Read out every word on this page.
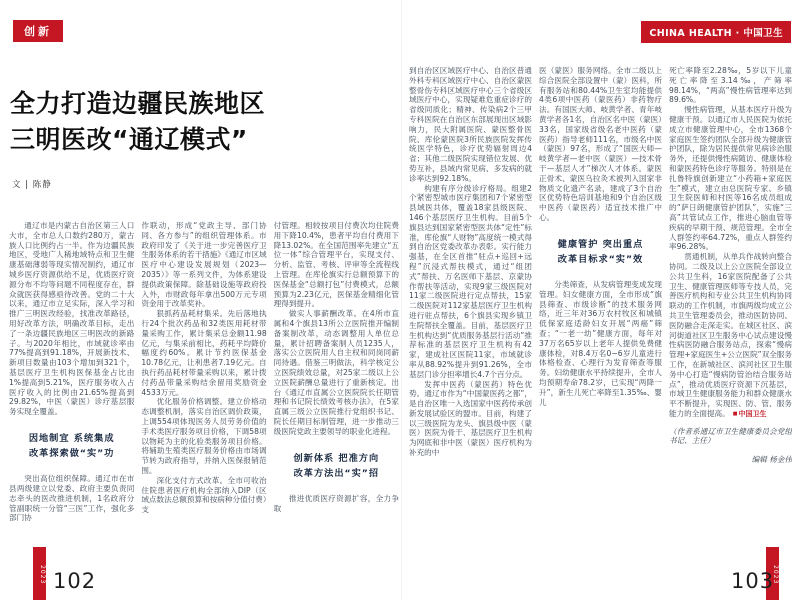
创新
全力打造边疆民族地区
三明医改“通辽模式”
文 | 陈静

通辽市是内蒙古自治区第三人口大市，全市总人口数约280万，蒙古族人口比例约占一半。作为边疆民族地区，受地广人稀地域特点和卫生健康基础薄弱等现实情况制约，通辽市城乡医疗资源供给不足，优质医疗资源分布不均等问题不同程度存在，群众就医获得感亟待改善。党的二十大以来，通辽市立足实际，深入学习和推广三明医改经验，找准改革路径，用好改革方法，明确改革目标，走出了一条边疆民族地区三明医改的新路子。与2020年相比，市域就诊率由77%提高到91.18%，开展新技术、新项目数量由103个增加到321个，基层医疗卫生机构医保基金占比由1%提高到5.21%，医疗服务收入占医疗收入的比例由21.65%提高到29.82%，中医（蒙医）诊疗基层服务实现全覆盖。

因地制宜 系统集成
改革探索做“实”功

突出高位组织保障。通辽市在市县两级建立以党委、政府主要负责同志牵头的医改推进机制，1名政府分管副职统一分管“三医”工作，强化多部门协

作联动，形成“党政主导、部门协同、各方参与”的组织管理体系。市政府印发了《关于进一步完善医疗卫生服务体系的若干措施》《通辽市区域医疗中心建设发展规划（2023—2035）》等一系列文件，为体系建设提供政策保障。除基础设施等政府投入外，市财政每年拿出500万元专项资金用于改革奖补。

狠抓药品耗材集采。先后落地执行24个批次药品和32类医用耗材带量采购工作，累计集采总金额11.98亿元，与集采前相比，药耗平均降价幅度约60%。累计节约医保基金10.78亿元，让利患者7.19亿元。自执行药品耗材带量采购以来，累计拨付药品带量采购结余留用奖励资金4533万元。

优化服务价格调整。建立价格动态调整机制，落实自治区调价政策，上调554项体现医务人员劳务价值的手术类医疗服务项目价格，下调58项以物耗为主的化验类服务项目价格。将辅助生殖类医疗服务价格由市场调节转为政府指导，并纳入医保报销范围。

深化支付方式改革。全市可收治住院患者医疗机构全部纳入DIP（区域点数法总额预算和按病种分值付费）支

付管理。相较按项目付费次均住院费用下降10.4%，患者平均自付费用下降13.02%。在全国范围率先建立“五位一体”综合管理平台，实现支付、分析、监管、考核、评审等全流程线上管理。在库伦旗实行总额预算下的医保基金“总额打包”付费模式，总额预算为2.23亿元，医保基金精细化管理得到提升。

做实人事薪酬改革。在4所市直属和4个旗县13所公立医院推开编制备案制改革，动态调整用人单位总量，累计招聘备案制人员1235人，落实公立医院用人自主权和同岗同薪同待遇。借鉴三明做法，科学核定公立医院绩效总量，对25家二级以上公立医院薪酬总量进行了重新核定。出台《通辽市直属公立医院院长任期管理和书记院长绩效考核办法》，在5家直属三级公立医院推行党组织书记、院长任期目标制管理，进一步推动三级医院党政主要领导的职业化进程。

创新体系 把准方向
改革方法出“实”招

推进优质医疗资源扩容，全力争取

2023 102
CHINA HEALTH · 中国卫生

到自治区区域医疗中心、自治区普通外科专科区域医疗中心、自治区蒙医整骨伤专科区域医疗中心三个省级区域医疗中心，实现疑难危重症诊疗的省级同质化；精神、传染病2个三甲专科医院在自治区东部展现出区域影响力，民大附属医院、蒙医整骨医院、库伦蒙医院3所民族医院发挥传统医学特色，诊疗优势辐射周边4省；其他二级医院实现错位发展、优势互补，县域内常见病、多发病的就诊率达到92.18%。

构建有序分级诊疗格局。组建2个紧密型城市医疗集团和7个紧密型县域医共体，覆盖18家县级医院、146个基层医疗卫生机构。目前5个旗县达到国家紧密型医共体“定性”标准，库伦旗“人财物”高度统一模式得到自治区党委改革办表彰。实行能力强基，在全区首推“驻点+巡回+远程”沉浸式帮扶模式，通过“组团式”帮扶、万名医师下基层、京蒙协作帮扶等活动，实现9家三级医院对11家二级医院进行定点帮扶，15家二级医院对112家基层医疗卫生机构进行驻点帮扶，6个旗县实现乡镇卫生院帮扶全覆盖。目前，基层医疗卫生机构达到“优质服务基层行活动”推荐标准的基层医疗卫生机构有42家，建成社区医院11家，市域就诊率从88.92%提升到91.26%，全市基层门诊分担率增长4.7个百分点。

发挥中医药（蒙医药）特色优势。通辽市作为“中国蒙医药之都”，是自治区唯一入选国家中医药传承创新发展试验区的盟市。目前，构建了以三级医院为龙头、旗县级中医（蒙医）医院为骨干、基层医疗卫生机构为网底和非中医（蒙医）医疗机构为补充的中

医（蒙医）服务网络。全市二级以上综合医院全部设置中（蒙）医科，所有服务站和80.44%卫生室均能提供4类6项中医药（蒙医药）非药物疗法。有国医大师、岐黄学者、青年岐黄学者各1名，自治区名中医（蒙医）33名，国家级省级名老中医药（蒙医药）指导老师111名，市级名中医（蒙医）97名，形成了“国医大师—岐黄学者—老中医（蒙医）—技术骨干—基层人才”梯次人才体系。蒙医正骨术、蒙医乌拉灸术被列入国家非物质文化遗产名录，建成了3个自治区优势特色培训基地和9个自治区级中医药（蒙医药）适宜技术推广中心。

健康管护 突出重点
改革目标求“实”效

分类筛查，从发病管理变成发现管理。妇女健康方面，全市形成“旗县筛查、市级诊断”的技术服务网络，近三年对36万农村牧区和城镇低保家庭适龄妇女开展“两癌”筛查；“一老一幼”健康方面，每年对37万名65岁以上老年人提供免费健康体检，对8.4万名0~6岁儿童进行体格检查、心理行为发育筛查等服务。妇幼健康水平持续提升，全市人均预期寿命78.2岁，已实现“两降一升”，新生儿死亡率降至1.35‰、婴儿

死亡率降至2.28‰，5岁以下儿童死亡率降至3.14‰，产筛率98.14%，“两高”慢性病管理率达到89.6%。

慢性病管理，从基本医疗升级为健康干预。以通辽市人民医院为依托成立市健康管理中心，全市1368个家庭医生签约团队全部升级为健康管护团队，除为居民提供常见病诊治服务外，还提供慢性病随访、健康体检和蒙医药特色诊疗等服务。特别是在扎鲁特旗创新建立“小药箱+家庭医生”模式，建立由总医院专家、乡镇卫生院医师和村医等16名成员组成的“萨日朗健康管护团队”，实施“三高”共管试点工作，推进心脑血管等疾病的早期干预、规范管理。全市全人群签约率64.72%，重点人群签约率96.28%。

贯通机制，从单兵作战转向整合协同。二级及以上公立医院全部设立公共卫生科，16家医院配备了公共卫生、健康管理医师等专技人员，完善医疗机构和专业公共卫生机构协同联动的工作机制，市旗两级均成立公共卫生管理委员会，推动医防协同、医防融合走深走实。在城区社区、滨河街道社区卫生服务中心试点建设慢性病医防融合服务站点，探索“慢病管理+家庭医生+公立医院”双全服务工作，在新城社区、滨河社区卫生服务中心打造“慢病防管治结合服务站点”，推动优质医疗资源下沉基层，市域卫生健康服务能力和群众健康水平不断提升，实现医、防、管、服务能力的全面提高。 ■ 中国卫生

（作者系通辽市卫生健康委员会党组书记、主任）

编辑 杨金伟

2023
103
